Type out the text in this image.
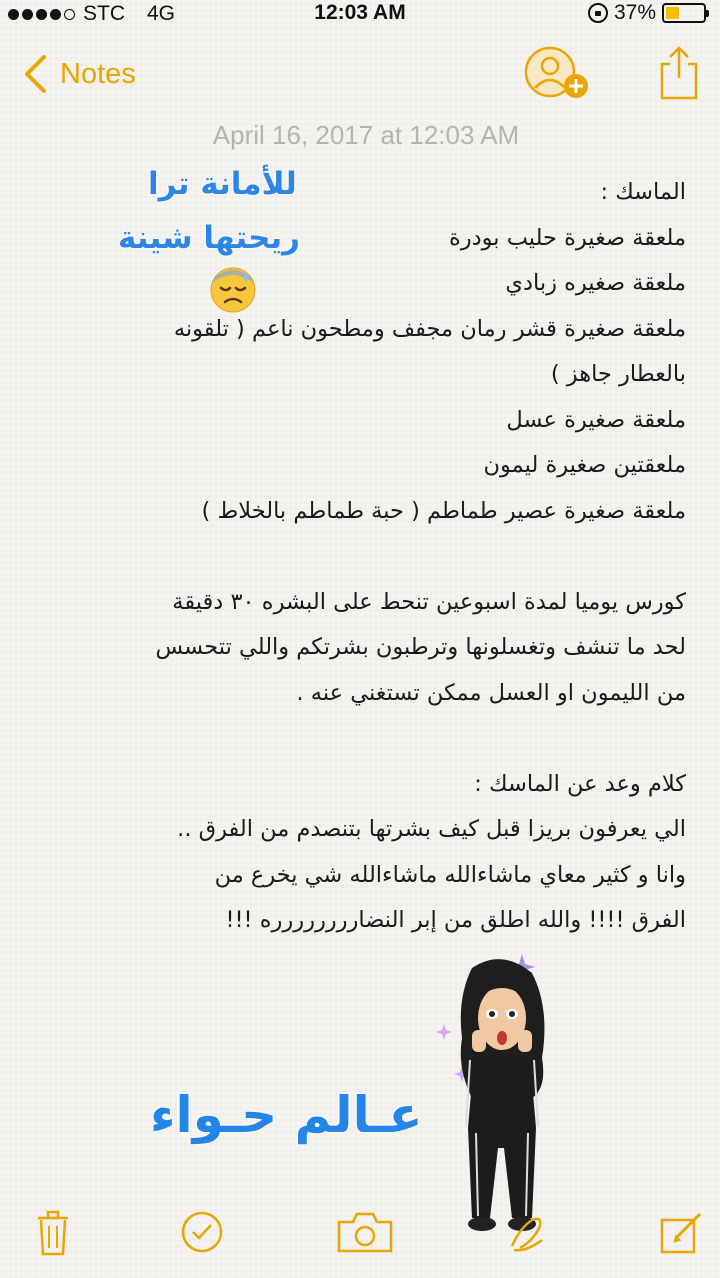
STC 4G	12:03 AM	37%
Notes
April 16, 2017 at 12:03 AM

الماسك :

ملعقة صغيرة حليب بودرة

ملعقة صغيره زبادي

ملعقة صغيرة قشر رمان مجفف ومطحون ناعم ( تلقونه

بالعطار جاهز )

ملعقة صغيرة عسل

ملعقتين صغيرة ليمون

ملعقة صغيرة عصير طماطم ( حبة طماطم بالخلاط )

كورس يوميا لمدة اسبوعين تنحط على البشره ٣٠ دقيقة

لحد ما تنشف وتغسلونها وترطبون بشرتكم واللي تتحسس

من الليمون او العسل ممكن تستغني عنه .

كلام وعد عن الماسك :

الي يعرفون بريزا قبل كيف بشرتها بتنصدم من الفرق ..

وانا و كثير معاي ماشاءالله ماشاءالله شي يخرع من

الفرق !!!! والله اطلق من إبر النضارررررررره !!!

للأمانة ترا
ريحتها شينة
عـالم حـواء
